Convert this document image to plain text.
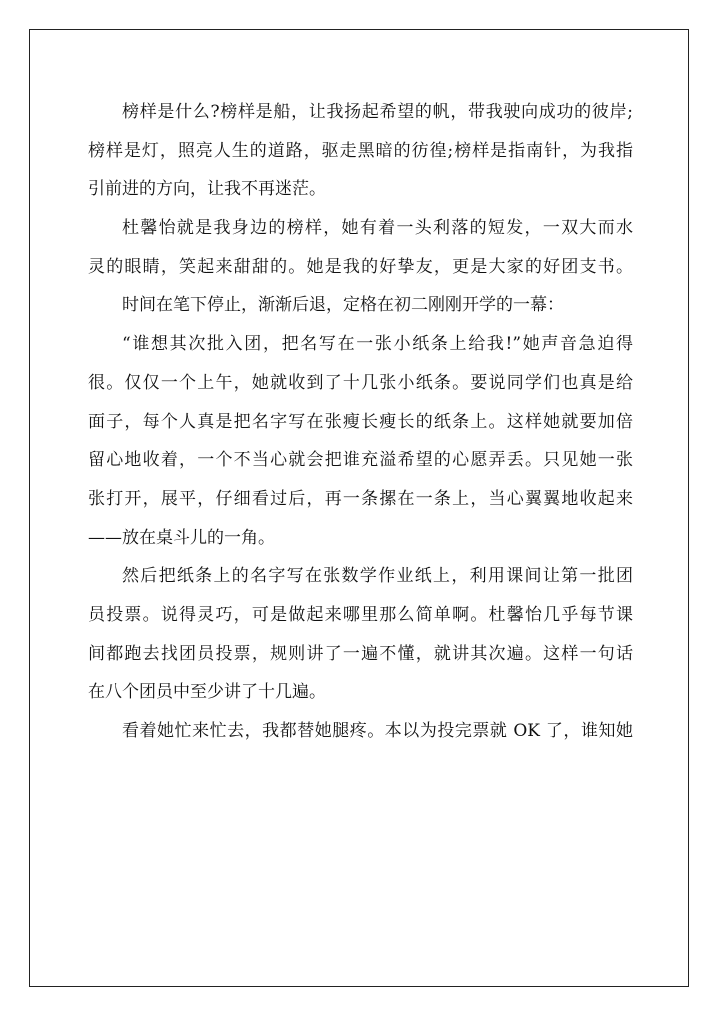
榜样是什么?榜样是船，让我扬起希望的帆，带我驶向成功的彼岸;
榜样是灯，照亮人生的道路，驱走黑暗的彷徨;榜样是指南针，为我指
引前进的方向，让我不再迷茫。
杜馨怡就是我身边的榜样，她有着一头利落的短发，一双大而水
灵的眼睛，笑起来甜甜的。她是我的好挚友，更是大家的好团支书。
时间在笔下停止，渐渐后退，定格在初二刚刚开学的一幕：
“谁想其次批入团，把名写在一张小纸条上给我!”她声音急迫得
很。仅仅一个上午，她就收到了十几张小纸条。要说同学们也真是给
面子，每个人真是把名字写在张瘦长瘦长的纸条上。这样她就要加倍
留心地收着，一个不当心就会把谁充溢希望的心愿弄丢。只见她一张
张打开，展平，仔细看过后，再一条摞在一条上，当心翼翼地收起来
——放在桌斗儿的一角。
然后把纸条上的名字写在张数学作业纸上，利用课间让第一批团
员投票。说得灵巧，可是做起来哪里那么简单啊。杜馨怡几乎每节课
间都跑去找团员投票，规则讲了一遍不懂，就讲其次遍。这样一句话
在八个团员中至少讲了十几遍。
看着她忙来忙去，我都替她腿疼。本以为投完票就 OK 了，谁知她
